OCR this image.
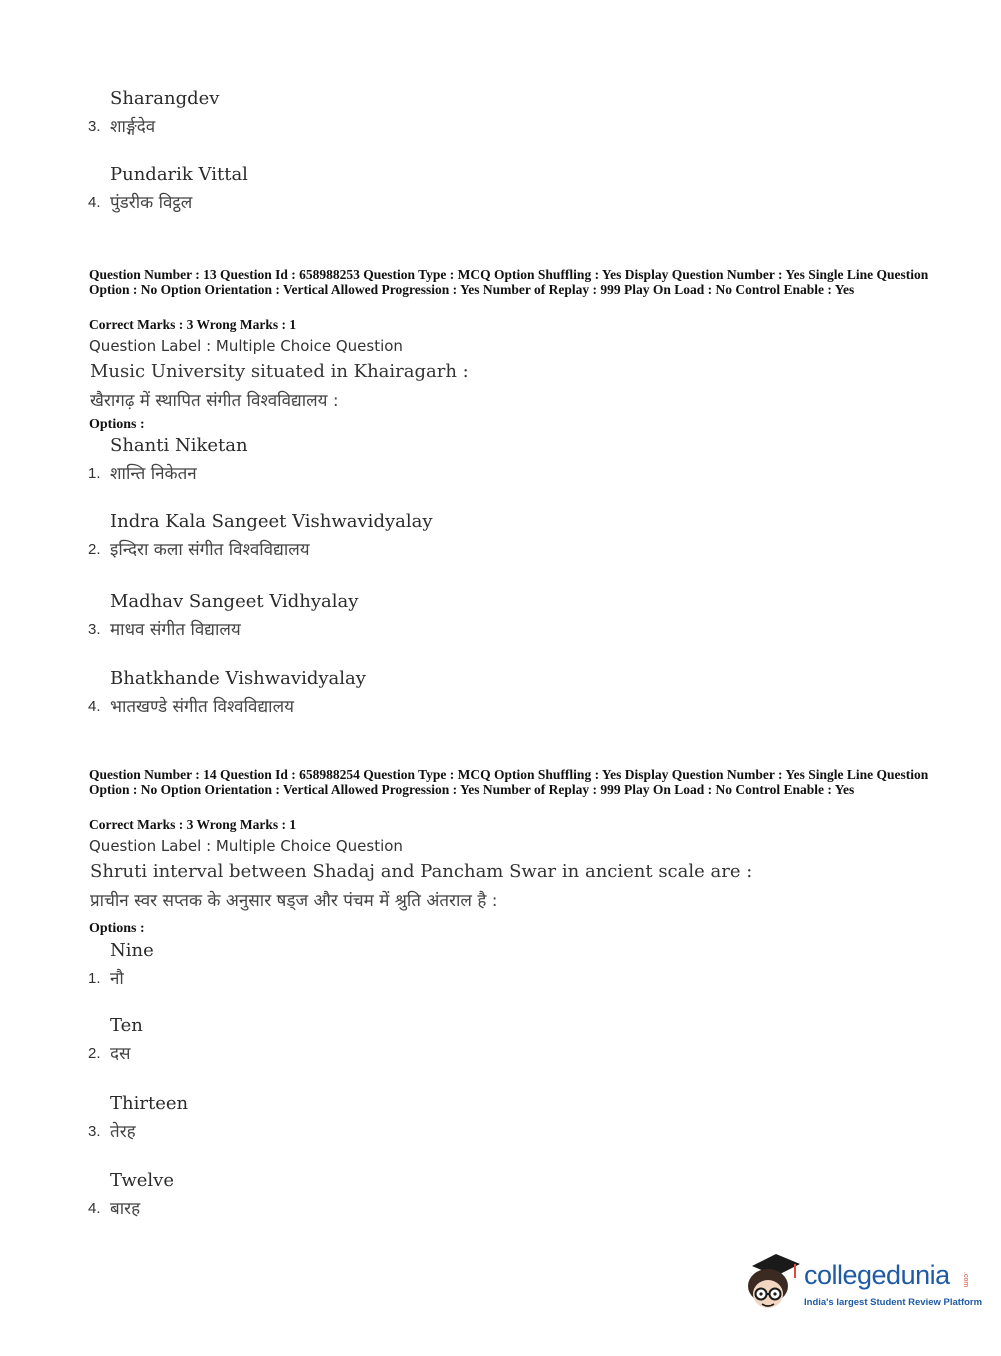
Sharangdev
3. शार्ङ्गदेव
Pundarik Vittal
4. पुंडरीक विट्ठल
Question Number : 13 Question Id : 658988253 Question Type : MCQ Option Shuffling : Yes Display Question Number : Yes Single Line Question Option : No Option Orientation : Vertical Allowed Progression : Yes Number of Replay : 999 Play On Load : No Control Enable : Yes
Correct Marks : 3 Wrong Marks : 1
Question Label : Multiple Choice Question
Music University situated in Khairagarh :
खैरागढ़ में स्थापित संगीत विश्वविद्यालय :
Options :
Shanti Niketan
1. शान्ति निकेतन
Indra Kala Sangeet Vishwavidyalay
2. इन्दिरा कला संगीत विश्वविद्यालय
Madhav Sangeet Vidhyalay
3. माधव संगीत विद्यालय
Bhatkhande Vishwavidyalay
4. भातखण्डे संगीत विश्वविद्यालय
Question Number : 14 Question Id : 658988254 Question Type : MCQ Option Shuffling : Yes Display Question Number : Yes Single Line Question Option : No Option Orientation : Vertical Allowed Progression : Yes Number of Replay : 999 Play On Load : No Control Enable : Yes
Correct Marks : 3 Wrong Marks : 1
Question Label : Multiple Choice Question
Shruti interval between Shadaj and Pancham Swar in ancient scale are :
प्राचीन स्वर सप्तक के अनुसार षड्ज और पंचम में श्रुति अंतराल है :
Options :
Nine
1. नौ
Ten
2. दस
Thirteen
3. तेरह
Twelve
4. बारह
collegedunia .com
India's largest Student Review Platform
